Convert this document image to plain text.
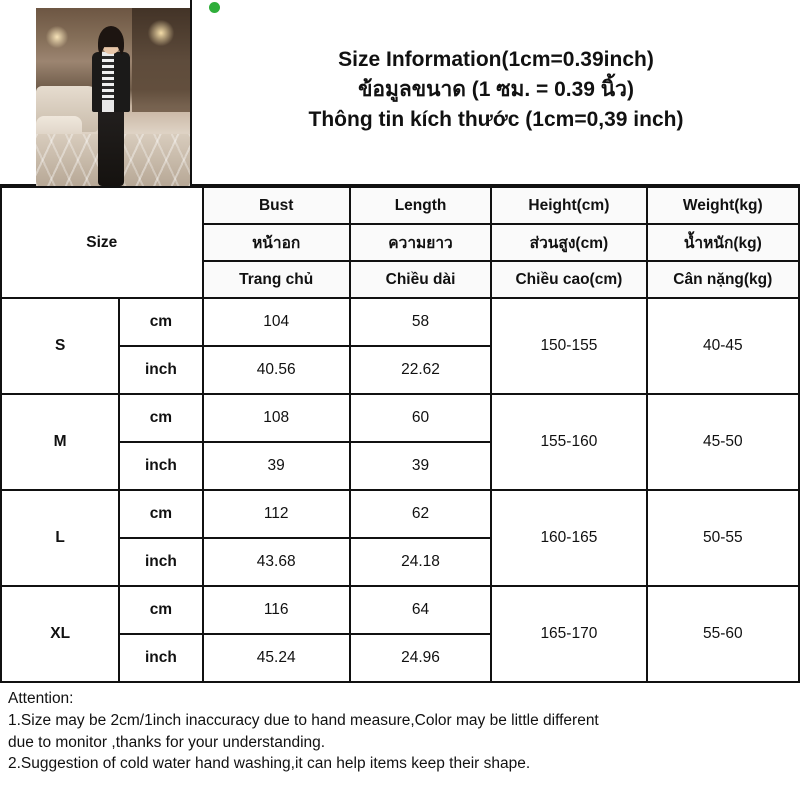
Size Information(1cm=0.39inch)
ข้อมูลขนาด (1 ซม. = 0.39 นิ้ว)
Thông tin kích thước (1cm=0,39 inch)
Size		Bust	Length	Height(cm)	Weight(kg)
		หน้าอก	ความยาว	ส่วนสูง(cm)	น้ำหนัก(kg)
		Trang chủ	Chiều dài	Chiều cao(cm)	Cân nặng(kg)
S	cm	104	58	150-155	40-45
	inch	40.56	22.62		
M	cm	108	60	155-160	45-50
	inch	39	39		
L	cm	112	62	160-165	50-55
	inch	43.68	24.18		
XL	cm	116	64	165-170	55-60
	inch	45.24	24.96		

Attention:

1.Size may be 2cm/1inch inaccuracy due to hand measure,Color may be little different

due to monitor ,thanks for your understanding.

2.Suggestion of cold water hand washing,it can help items keep their shape.
